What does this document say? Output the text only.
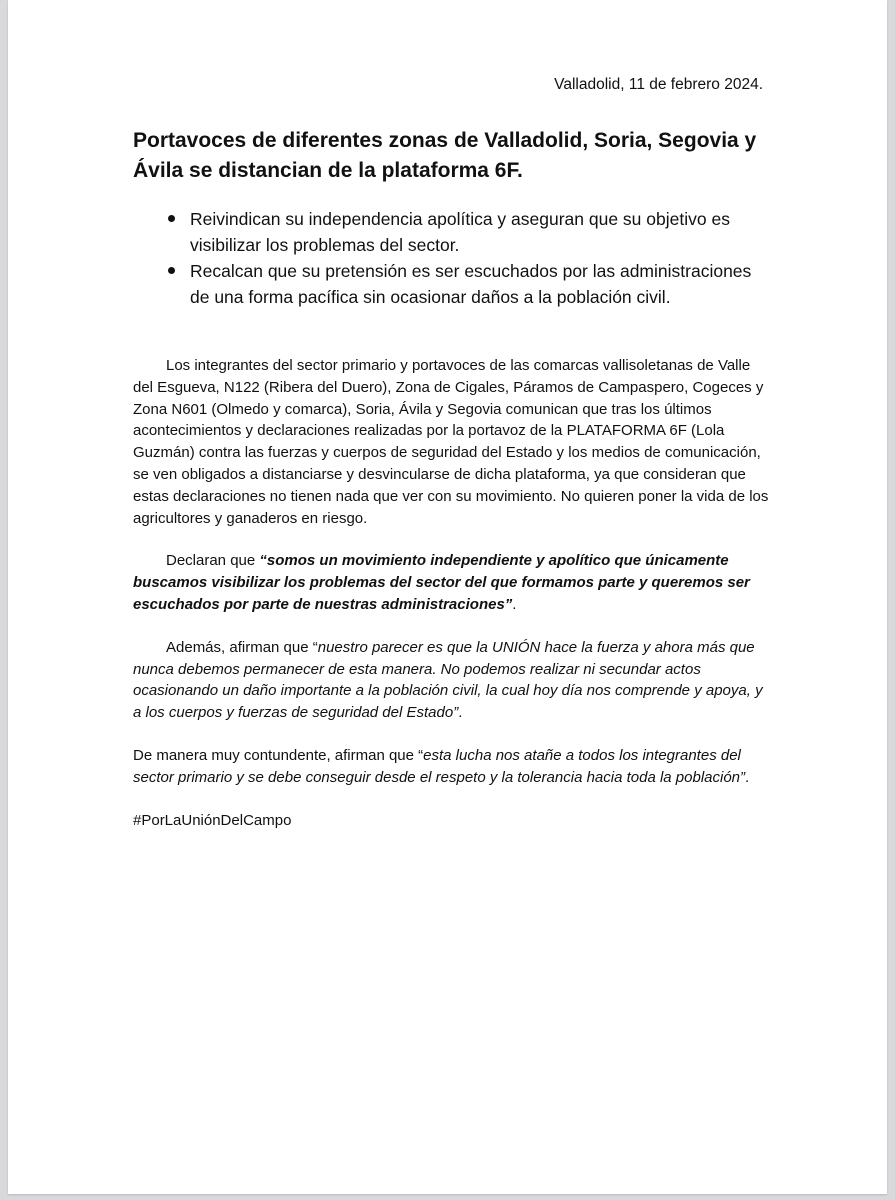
Valladolid, 11 de febrero 2024.
Portavoces de diferentes zonas de Valladolid, Soria, Segovia y Ávila se distancian de la plataforma 6F.
Reivindican su independencia apolítica y aseguran que su objetivo es visibilizar los problemas del sector.
Recalcan que su pretensión es ser escuchados por las administraciones de una forma pacífica sin ocasionar daños a la población civil.

Los integrantes del sector primario y portavoces de las comarcas vallisoletanas de Valle del Esgueva, N122 (Ribera del Duero), Zona de Cigales, Páramos de Campaspero, Cogeces y Zona N601 (Olmedo y comarca), Soria, Ávila y Segovia comunican que tras los últimos acontecimientos y declaraciones realizadas por la portavoz de la PLATAFORMA 6F (Lola Guzmán) contra las fuerzas y cuerpos de seguridad del Estado y los medios de comunicación, se ven obligados a distanciarse y desvincularse de dicha plataforma, ya que consideran que estas declaraciones no tienen nada que ver con su movimiento. No quieren poner la vida de los agricultores y ganaderos en riesgo.

Declaran que “somos un movimiento independiente y apolítico que únicamente buscamos visibilizar los problemas del sector del que formamos parte y queremos ser escuchados por parte de nuestras administraciones”.

Además, afirman que “nuestro parecer es que la UNIÓN hace la fuerza y ahora más que nunca debemos permanecer de esta manera. No podemos realizar ni secundar actos ocasionando un daño importante a la población civil, la cual hoy día nos comprende y apoya, y a los cuerpos y fuerzas de seguridad del Estado”.

De manera muy contundente, afirman que “esta lucha nos atañe a todos los integrantes del sector primario y se debe conseguir desde el respeto y la tolerancia hacia toda la población”.

#PorLaUniónDelCampo
